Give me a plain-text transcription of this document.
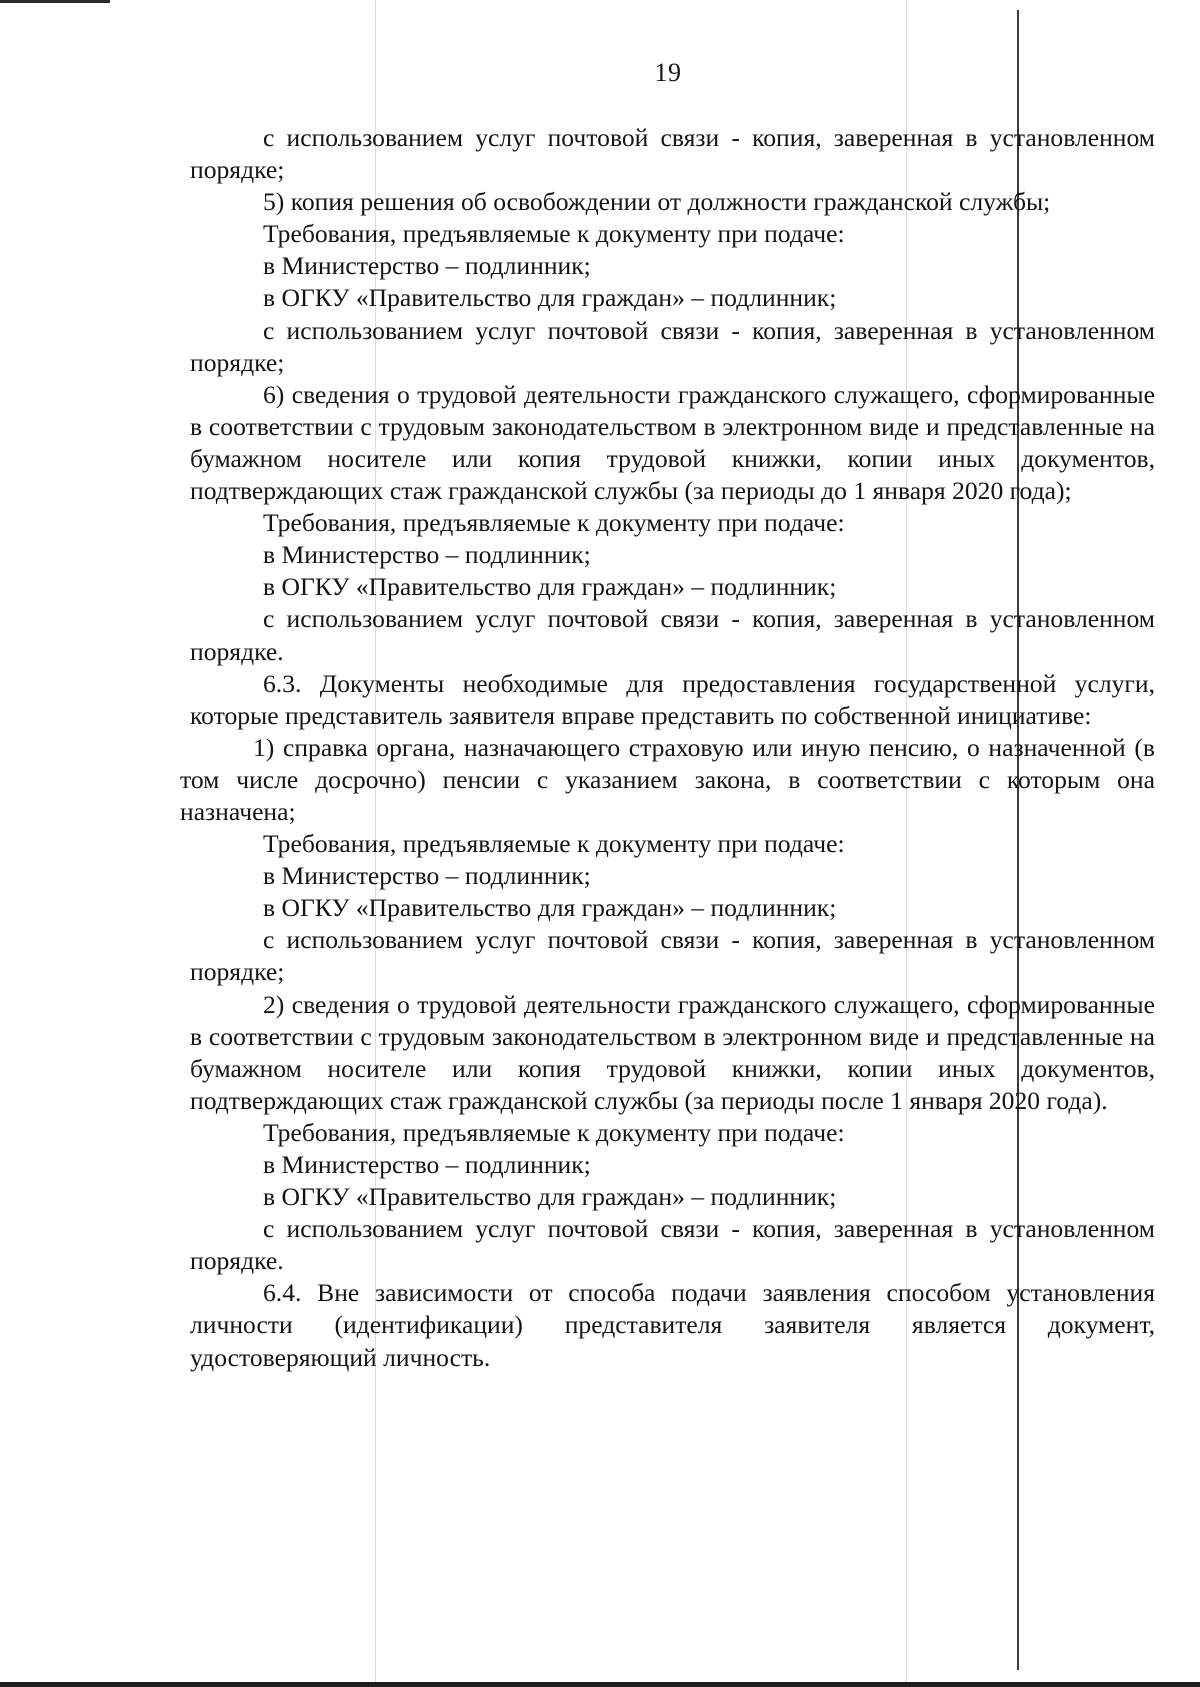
19

с использованием услуг почтовой связи - копия, заверенная в установленном порядке;

5) копия решения об освобождении от должности гражданской службы;

Требования, предъявляемые к документу при подаче:

в Министерство – подлинник;

в ОГКУ «Правительство для граждан» – подлинник;

с использованием услуг почтовой связи - копия, заверенная в установленном порядке;

6) сведения о трудовой деятельности гражданского служащего, сформированные в соответствии с трудовым законодательством в электронном виде и представленные на бумажном носителе или копия трудовой книжки, копии иных документов, подтверждающих стаж гражданской службы (за периоды до 1 января 2020 года);

Требования, предъявляемые к документу при подаче:

в Министерство – подлинник;

в ОГКУ «Правительство для граждан» – подлинник;

с использованием услуг почтовой связи - копия, заверенная в установленном порядке.

6.3. Документы необходимые для предоставления государственной услуги, которые представитель заявителя вправе представить по собственной инициативе:

1) справка органа, назначающего страховую или иную пенсию, о назначенной (в том числе досрочно) пенсии с указанием закона, в соответствии с которым она назначена;

Требования, предъявляемые к документу при подаче:

в Министерство – подлинник;

в ОГКУ «Правительство для граждан» – подлинник;

с использованием услуг почтовой связи - копия, заверенная в установленном порядке;

2) сведения о трудовой деятельности гражданского служащего, сформированные в соответствии с трудовым законодательством в электронном виде и представленные на бумажном носителе или копия трудовой книжки, копии иных документов, подтверждающих стаж гражданской службы (за периоды после 1 января 2020 года).

Требования, предъявляемые к документу при подаче:

в Министерство – подлинник;

в ОГКУ «Правительство для граждан» – подлинник;

с использованием услуг почтовой связи - копия, заверенная в установленном порядке.

6.4. Вне зависимости от способа подачи заявления способом установления личности (идентификации) представителя заявителя является документ, удостоверяющий личность.
